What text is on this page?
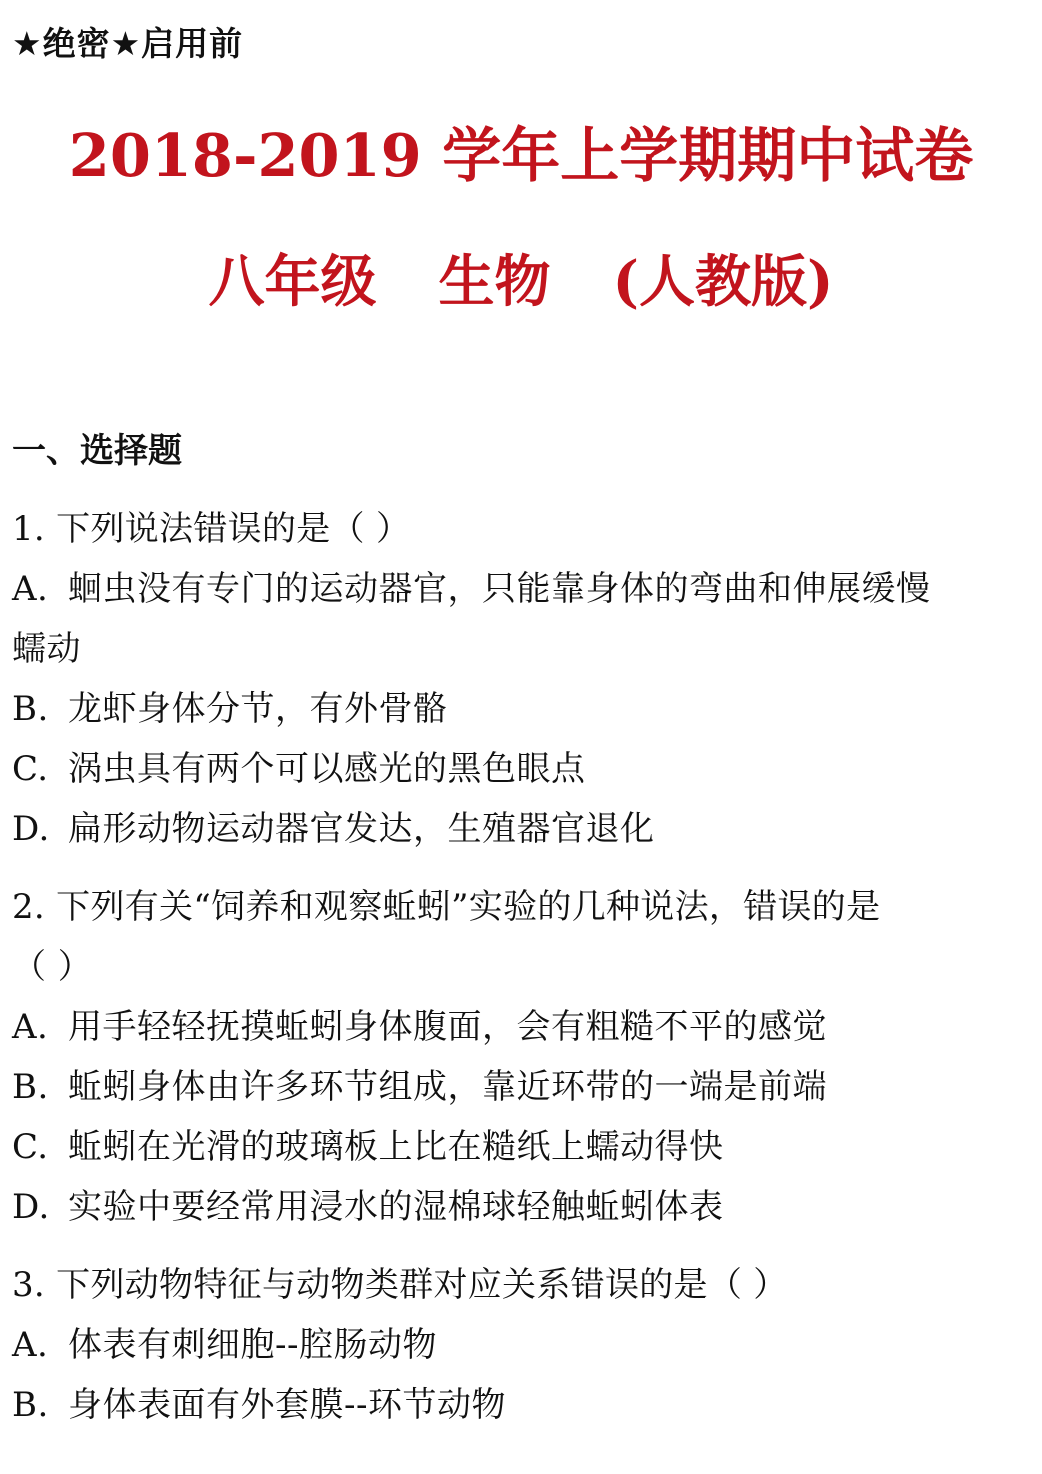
★绝密★启用前
2018-2019 学年上学期期中试卷
八年级 生物 (人教版)
一、选择题
1. 下列说法错误的是（ ）
A. 蛔虫没有专门的运动器官，只能靠身体的弯曲和伸展缓慢
蠕动
B. 龙虾身体分节，有外骨骼
C. 涡虫具有两个可以感光的黑色眼点
D. 扁形动物运动器官发达，生殖器官退化
2. 下列有关“饲养和观察蚯蚓”实验的几种说法，错误的是
（ ）
A. 用手轻轻抚摸蚯蚓身体腹面，会有粗糙不平的感觉
B. 蚯蚓身体由许多环节组成，靠近环带的一端是前端
C. 蚯蚓在光滑的玻璃板上比在糙纸上蠕动得快
D. 实验中要经常用浸水的湿棉球轻触蚯蚓体表
3. 下列动物特征与动物类群对应关系错误的是（ ）
A. 体表有刺细胞--腔肠动物
B. 身体表面有外套膜--环节动物
